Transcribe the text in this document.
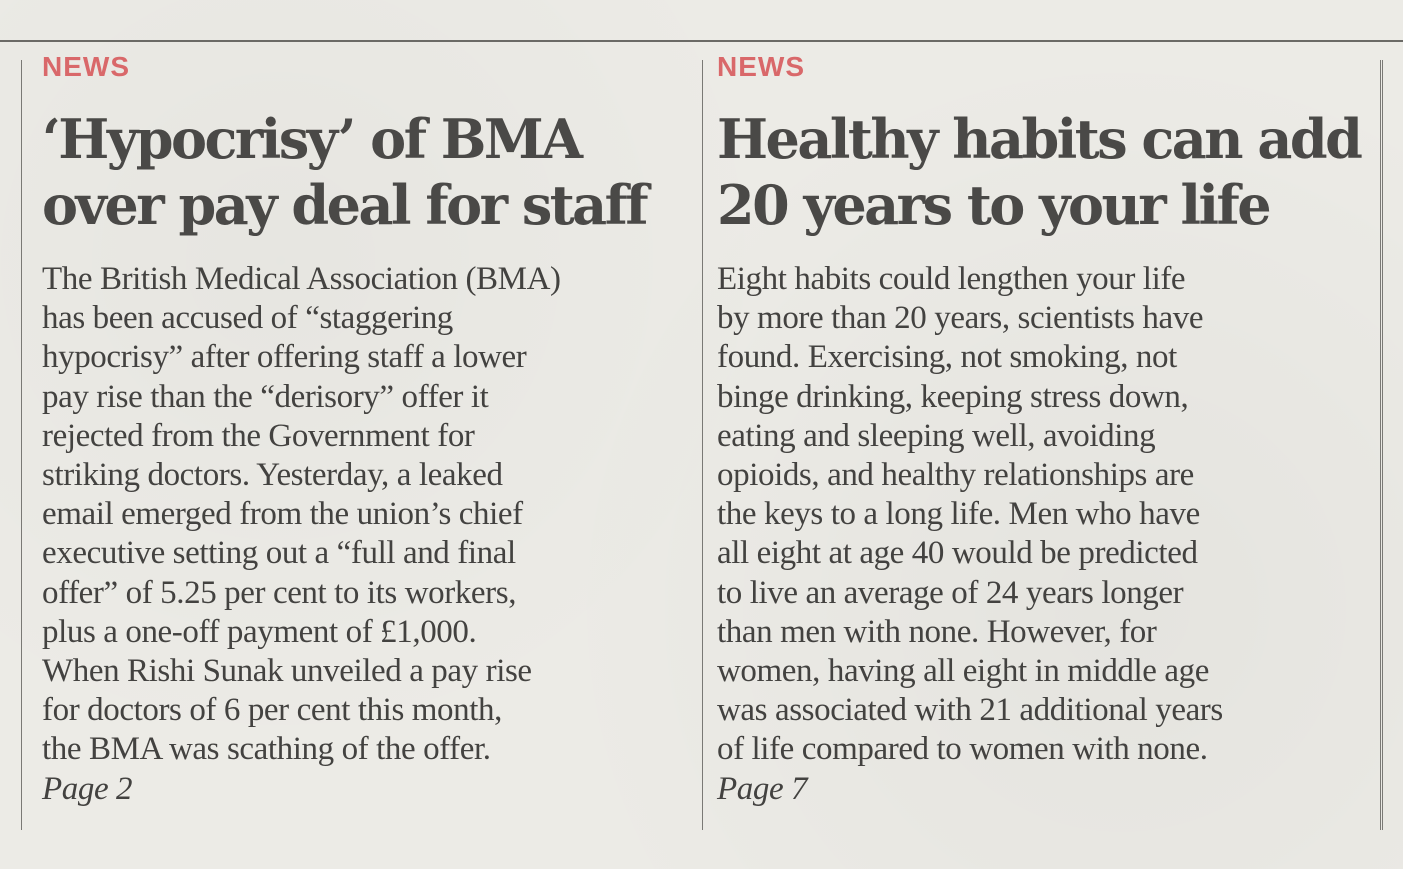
NEWS

‘Hypocrisy’ of BMA
over pay deal for staff

The British Medical Association (BMA)
has been accused of “staggering
hypocrisy” after offering staff a lower
pay rise than the “derisory” offer it
rejected from the Government for
striking doctors. Yesterday, a leaked
email emerged from the union’s chief
executive setting out a “full and final
offer” of 5.25 per cent to its workers,
plus a one-off payment of £1,000.
When Rishi Sunak unveiled a pay rise
for doctors of 6 per cent this month,
the BMA was scathing of the offer.
Page 2

NEWS

Healthy habits can add
20 years to your life

Eight habits could lengthen your life
by more than 20 years, scientists have
found. Exercising, not smoking, not
binge drinking, keeping stress down,
eating and sleeping well, avoiding
opioids, and healthy relationships are
the keys to a long life. Men who have
all eight at age 40 would be predicted
to live an average of 24 years longer
than men with none. However, for
women, having all eight in middle age
was associated with 21 additional years
of life compared to women with none.
Page 7
